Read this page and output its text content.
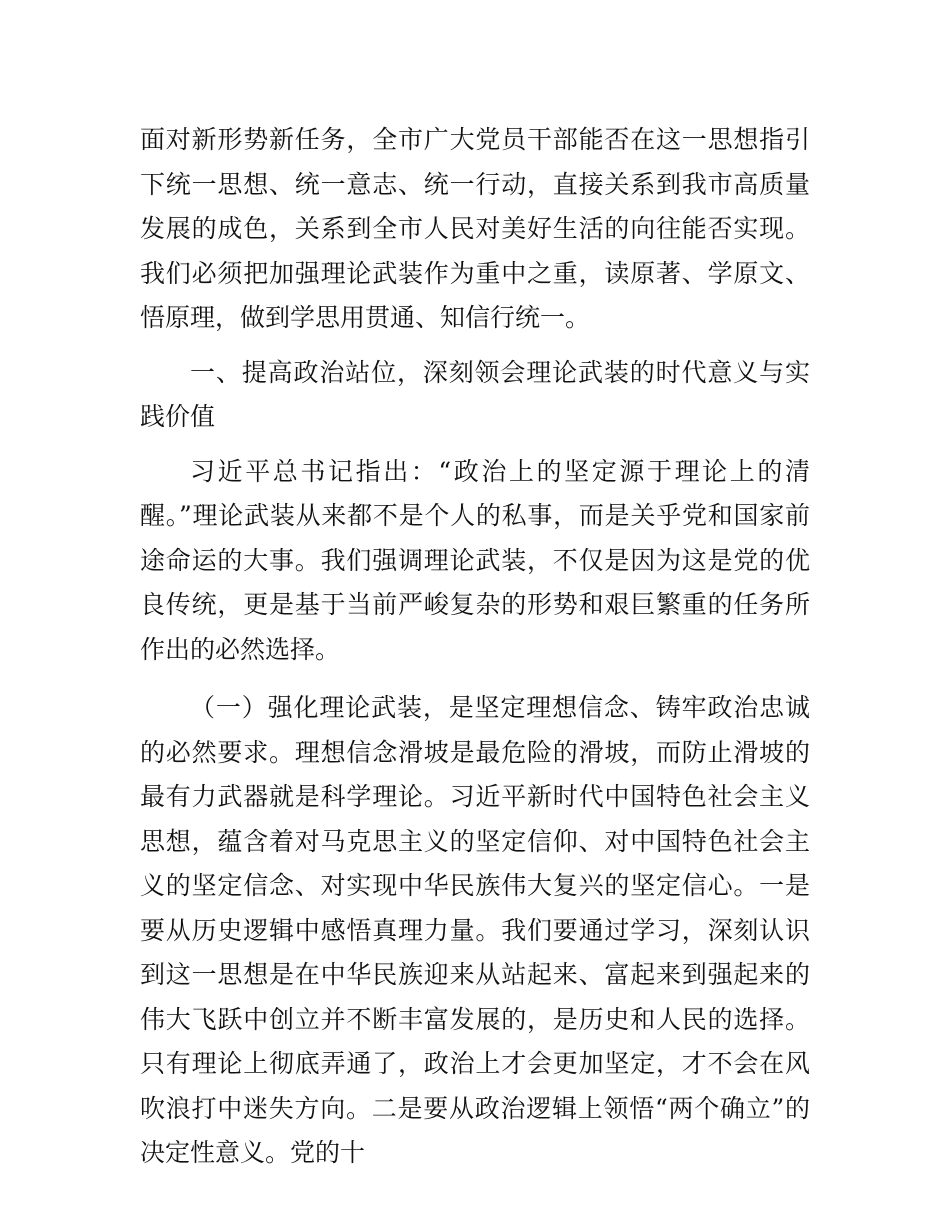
面对新形势新任务，全市广大党员干部能否在这一思想指引下统一思想、统一意志、统一行动，直接关系到我市高质量发展的成色，关系到全市人民对美好生活的向往能否实现。我们必须把加强理论武装作为重中之重，读原著、学原文、悟原理，做到学思用贯通、知信行统一。

一、提高政治站位，深刻领会理论武装的时代意义与实践价值

习近平总书记指出：“政治上的坚定源于理论上的清醒。”理论武装从来都不是个人的私事，而是关乎党和国家前途命运的大事。我们强调理论武装，不仅是因为这是党的优良传统，更是基于当前严峻复杂的形势和艰巨繁重的任务所作出的必然选择。

（一）强化理论武装，是坚定理想信念、铸牢政治忠诚的必然要求。理想信念滑坡是最危险的滑坡，而防止滑坡的最有力武器就是科学理论。习近平新时代中国特色社会主义思想，蕴含着对马克思主义的坚定信仰、对中国特色社会主义的坚定信念、对实现中华民族伟大复兴的坚定信心。一是要从历史逻辑中感悟真理力量。我们要通过学习，深刻认识到这一思想是在中华民族迎来从站起来、富起来到强起来的伟大飞跃中创立并不断丰富发展的，是历史和人民的选择。只有理论上彻底弄通了，政治上才会更加坚定，才不会在风吹浪打中迷失方向。二是要从政治逻辑上领悟“两个确立”的决定性意义。党的十
